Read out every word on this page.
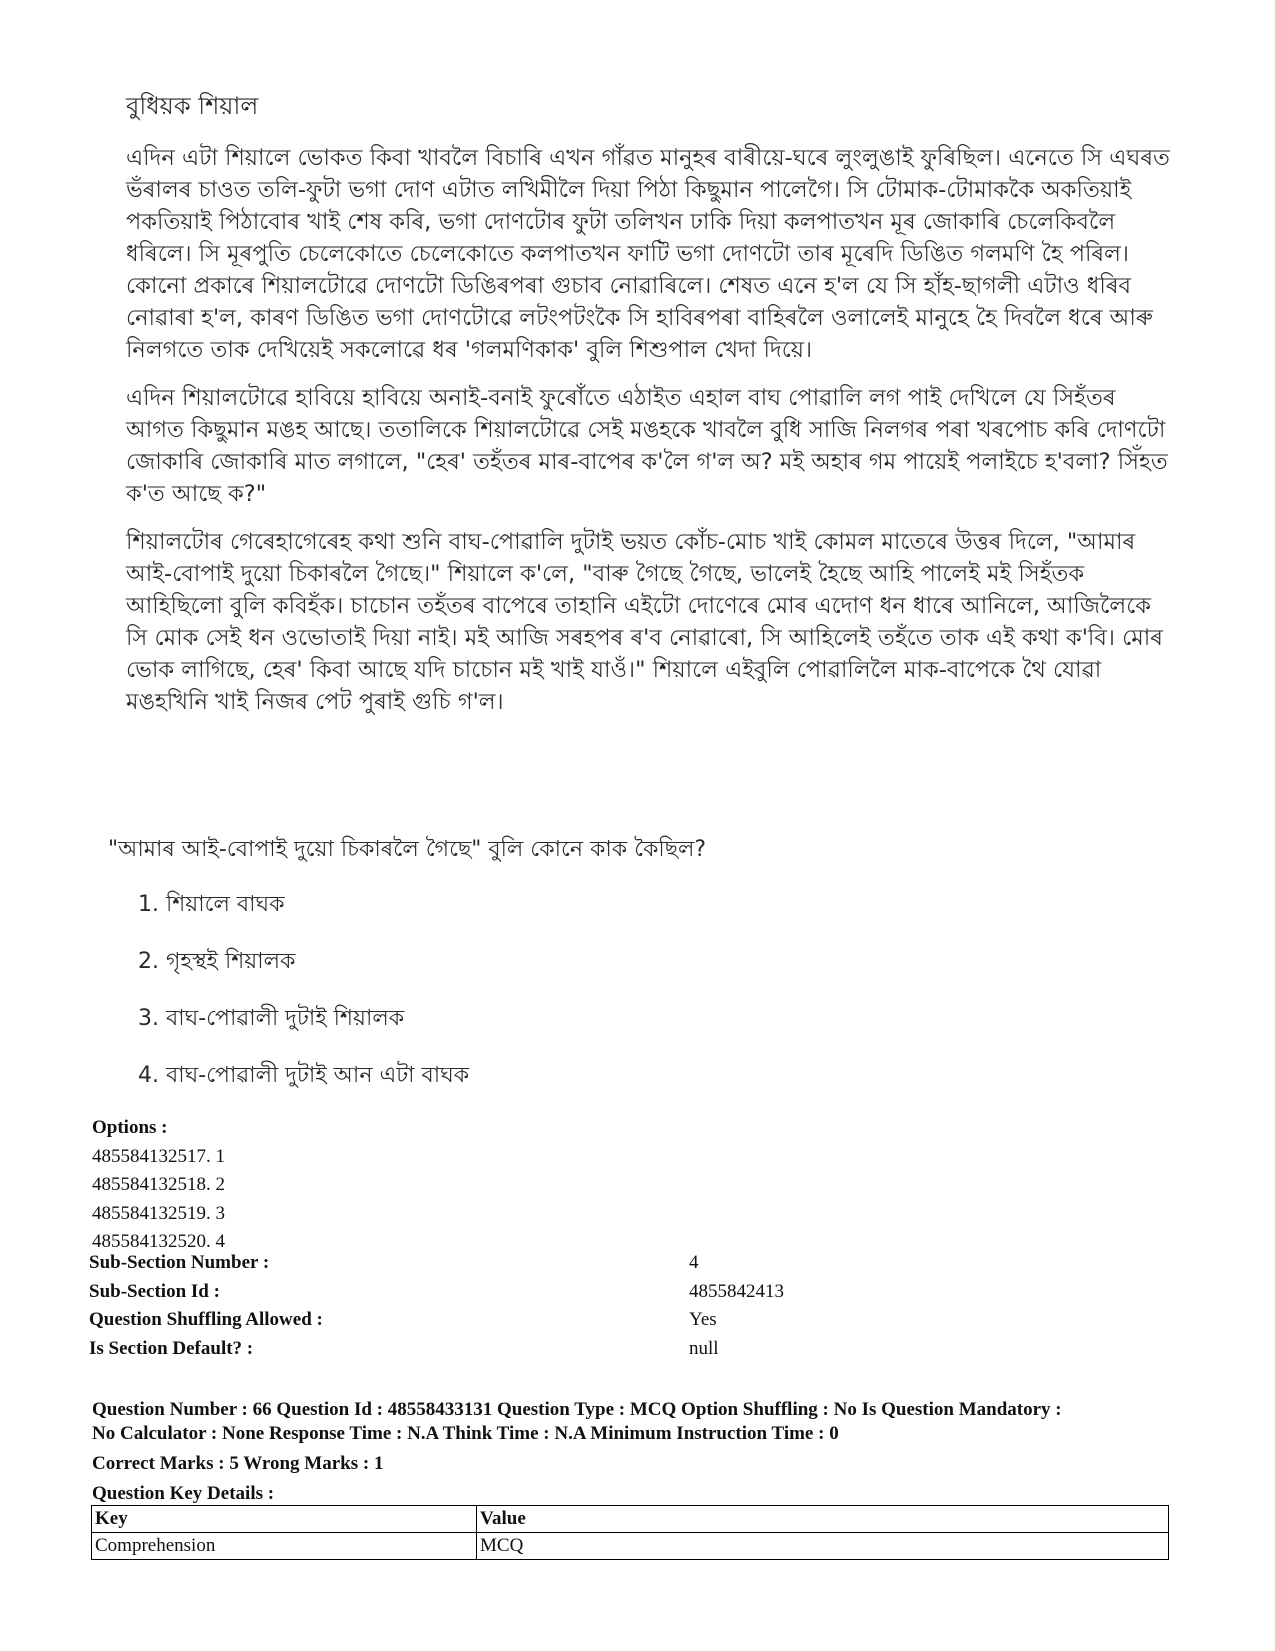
বুধিয়ক শিয়াল

এদিন এটা শিয়ালে ভোকত কিবা খাবলৈ বিচাৰি এখন গাঁৱত মানুহৰ বাৰীয়ে-ঘৰে লুংলুঙাই ফুৰিছিল। এনেতে সি এঘৰত ভঁৰালৰ চাওত তলি-ফুটা ভগা দোণ এটাত লখিমীলৈ দিয়া পিঠা কিছুমান পালেগৈ। সি টোমাক-টোমাককৈ অকতিয়াই পকতিয়াই পিঠাবোৰ খাই শেষ কৰি, ভগা দোণটোৰ ফুটা তলিখন ঢাকি দিয়া কলপাতখন মূৰ জোকাৰি চেলেকিবলৈ ধৰিলে। সি মূৰপুতি চেলেকোতে চেলেকোতে কলপাতখন ফাটি ভগা দোণটো তাৰ মূৰেদি ডিঙিত গলমণি হৈ পৰিল। কোনো প্ৰকাৰে শিয়ালটোৱে দোণটো ডিঙিৰপৰা গুচাব নোৱাৰিলে। শেষত এনে হ'ল যে সি হাঁহ-ছাগলী এটাও ধৰিব নোৱাৰা হ'ল, কাৰণ ডিঙিত ভগা দোণটোৱে লটংপটংকৈ সি হাবিৰপৰা বাহিৰলৈ ওলালেই মানুহে হৈ দিবলৈ ধৰে আৰু নিলগতে তাক দেখিয়েই সকলোৱে ধৰ 'গলমণিকাক' বুলি শিশুপাল খেদা দিয়ে।

এদিন শিয়ালটোৱে হাবিয়ে হাবিয়ে অনাই-বনাই ফুৰোঁতে এঠাইত এহাল বাঘ পোৱালি লগ পাই দেখিলে যে সিহঁতৰ আগত কিছুমান মঙহ আছে। ততালিকে শিয়ালটোৱে সেই মঙহকে খাবলৈ বুধি সাজি নিলগৰ পৰা খৰপোচ কৰি দোণটো জোকাৰি জোকাৰি মাত লগালে, "হেৰ' তহঁতৰ মাৰ-বাপেৰ ক'লৈ গ'ল অ? মই অহাৰ গম পায়েই পলাইচে হ'বলা? সিঁহত ক'ত আছে ক?"

শিয়ালটোৰ গেৰেহাগেৰেহ কথা শুনি বাঘ-পোৱালি দুটাই ভয়ত কোঁচ-মোচ খাই কোমল মাতেৰে উত্তৰ দিলে, "আমাৰ আই-বোপাই দুয়ো চিকাৰলৈ গৈছে।" শিয়ালে ক'লে, "বাৰু গৈছে গৈছে, ভালেই হৈছে আহি পালেই মই সিহঁতক আহিছিলো বুলি কবিহঁক। চাচোন তহঁতৰ বাপেৰে তাহানি এইটো দোণেৰে মোৰ এদোণ ধন ধাৰে আনিলে, আজিলৈকে সি মোক সেই ধন ওভোতাই দিয়া নাই। মই আজি সৰহপৰ ৰ'ব নোৱাৰো, সি আহিলেই তহঁতে তাক এই কথা ক'বি। মোৰ ভোক লাগিছে, হেৰ' কিবা আছে যদি চাচোন মই খাই যাওঁ।" শিয়ালে এইবুলি পোৱালিলৈ মাক-বাপেকে থৈ যোৱা মঙহখিনি খাই নিজৰ পেট পুৰাই গুচি গ'ল।

"আমাৰ আই-বোপাই দুয়ো চিকাৰলৈ গৈছে" বুলি কোনে কাক কৈছিল?

1. শিয়ালে বাঘক
2. গৃহস্থই শিয়ালক
3. বাঘ-পোৱালী দুটাই শিয়ালক
4. বাঘ-পোৱালী দুটাই আন এটা বাঘক
Options :
485584132517. 1
485584132518. 2
485584132519. 3
485584132520. 4
Sub-Section Number :	4
Sub-Section Id :	4855842413
Question Shuffling Allowed :	Yes
Is Section Default? :	null

Question Number : 66 Question Id : 48558433131 Question Type : MCQ Option Shuffling : No Is Question Mandatory :

No Calculator : None Response Time : N.A Think Time : N.A Minimum Instruction Time : 0

Correct Marks : 5 Wrong Marks : 1

Question Key Details :

Key	Value
Comprehension	MCQ
